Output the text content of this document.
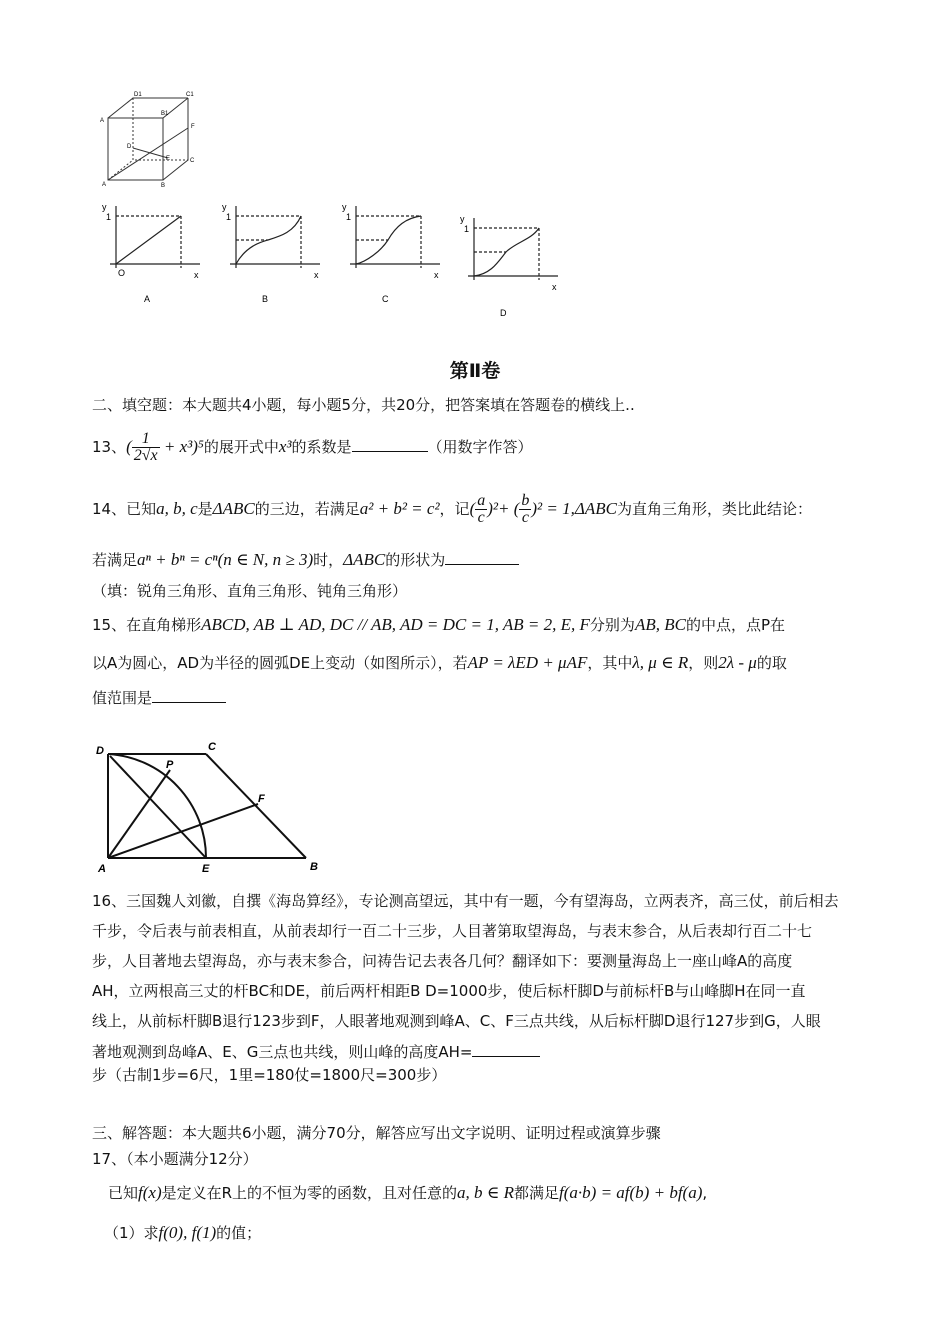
D1	C1
A
B1
F
D
C
E
A	B
y
x
O
1
A
y
x
1
B
y
x
1
C
y
x
1
D
第Ⅱ卷
二、填空题：本大题共4小题，每小题5分，共20分，把答案填在答题卷的横线上..
13、( $\frac{1}{2√x} + x^3)^5$的展开式中x³的系数是	（用数字作答）
14、已知a, b, c是ΔABC的三边，若满足a² + b² = c²，记( $\frac{a}{c} )^2+$ ( $\frac{b}{c} )^2 = 1,\Delta ABC$为直角三角形，类比此结论：
若满足aⁿ + bⁿ = cⁿ(n ∈ N, n ≥ 3)时，ΔABC的形状为
（填：锐角三角形、直角三角形、钝角三角形）
15、在直角梯形ABCD, AB ⊥ AD, DC // AB, AD = DC = 1, AB = 2, E, F分别为AB, BC的中点，点P在
以A为圆心，AD为半径的圆弧DE上变动（如图所示），若AP = λED + μAF，其中λ, μ ∈ R，则2λ - μ的取
值范围是
D	C
P
F
A	E	B
16、三国魏人刘徽，自撰《海岛算经》，专论测高望远，其中有一题，今有望海岛，立两表齐，高三仗，前后相去
千步，令后表与前表相直，从前表却行一百二十三步，人目著第取望海岛，与表末参合，从后表却行百二十七
步，人目著地去望海岛，亦与表末参合，问祷告记去表各几何？翻译如下：要测量海岛上一座山峰A的高度
AH，立两根高三丈的杆BC和DE，前后两杆相距B D=1000步，使后标杆脚D与前标杆B与山峰脚H在同一直
线上，从前标杆脚B退行123步到F，人眼著地观测到峰A、C、F三点共线，从后标杆脚D退行127步到G，人眼
著地观测到岛峰A、E、G三点也共线，则山峰的高度AH=
步（古制1步=6尺，1里=180仗=1800尺=300步）
三、解答题：本大题共6小题，满分70分，解答应写出文字说明、证明过程或演算步骤
17、（本小题满分12分）
已知f(x)是定义在R上的不恒为零的函数，且对任意的a, b ∈ R都满足f(a·b) = af(b) + bf(a),
（1）求f(0), f(1)的值；
